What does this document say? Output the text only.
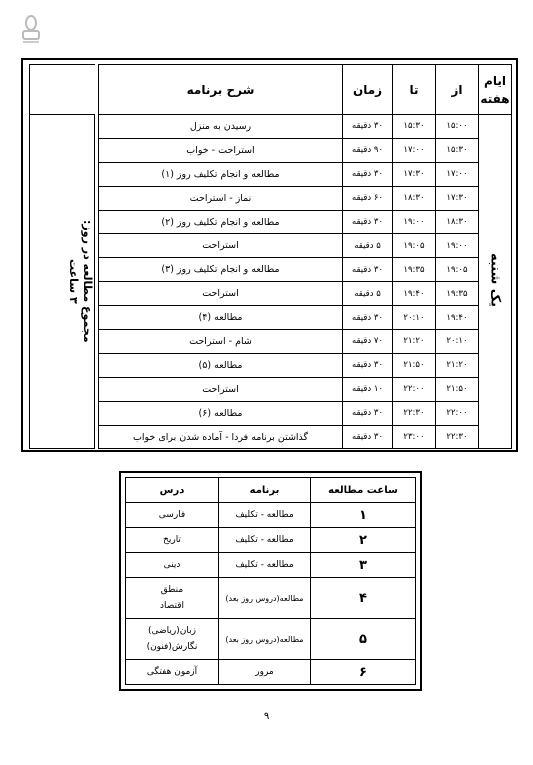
ایام
هفته	از	تا	زمان	شرح برنامه		
یک شنبه	۱۵:۰۰	۱۵:۳۰	۳۰ دقیقه	رسیدن به منزل		مجموع مطالعه در روز:
۳ ساعت

	۱۵:۳۰	۱۷:۰۰	۹۰ دقیقه	استراحت - خواب		
	۱۷:۰۰	۱۷:۳۰	۳۰ دقیقه	مطالعه و انجام تکلیف روز (۱)		
	۱۷:۳۰	۱۸:۳۰	۶۰ دقیقه	نماز - استراحت		
	۱۸:۳۰	۱۹:۰۰	۳۰ دقیقه	مطالعه و انجام تکلیف روز (۲)		
	۱۹:۰۰	۱۹:۰۵	۵ دقیقه	استراحت		
	۱۹:۰۵	۱۹:۳۵	۳۰ دقیقه	مطالعه و انجام تکلیف روز (۳)		
	۱۹:۳۵	۱۹:۴۰	۵ دقیقه	استراحت		
	۱۹:۴۰	۲۰:۱۰	۳۰ دقیقه	مطالعه (۴)		
	۲۰:۱۰	۲۱:۲۰	۷۰ دقیقه	شام - استراحت		
	۲۱:۲۰	۲۱:۵۰	۳۰ دقیقه	مطالعه (۵)		
	۲۱:۵۰	۲۲:۰۰	۱۰ دقیقه	استراحت		
	۲۲:۰۰	۲۲:۳۰	۳۰ دقیقه	مطالعه (۶)		
	۲۲:۳۰	۲۳:۰۰	۳۰ دقیقه	گذاشتن برنامه فردا - آماده شدن برای خواب		
ساعت مطالعه	برنامه	درس
۱	مطالعه - تکلیف	فارسی
۲	مطالعه - تکلیف	تاریخ
۳	مطالعه - تکلیف	دینی
۴	مطالعه(دروس روز بعد)	منطق
اقتصاد

۵	مطالعه(دروس روز بعد)	زبان(ریاضی)
نگارش(فنون)

۶	مرور	آزمون هفتگی
۹
